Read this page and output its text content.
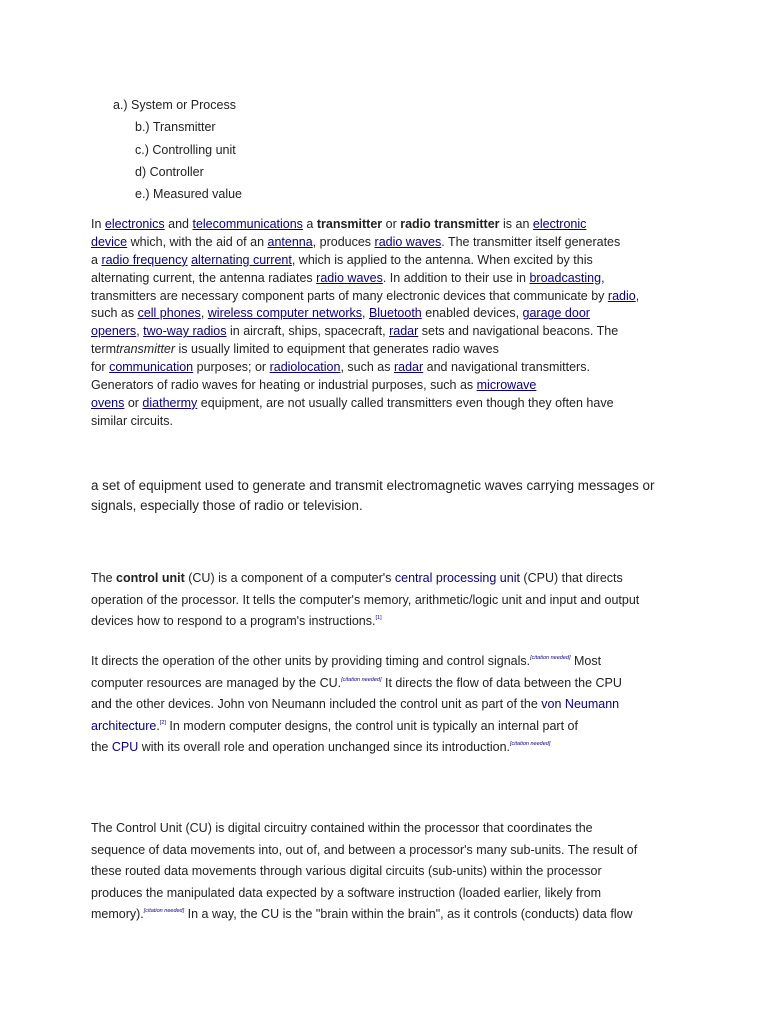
a.) System or Process
b.) Transmitter
c.) Controlling unit
d) Controller
e.) Measured value
In electronics and telecommunications a transmitter or radio transmitter is an electronic
device which, with the aid of an antenna, produces radio waves. The transmitter itself generates
a radio frequency alternating current, which is applied to the antenna. When excited by this
alternating current, the antenna radiates radio waves. In addition to their use in broadcasting,
transmitters are necessary component parts of many electronic devices that communicate by radio,
such as cell phones, wireless computer networks, Bluetooth enabled devices, garage door
openers, two-way radios in aircraft, ships, spacecraft, radar sets and navigational beacons. The
termtransmitter is usually limited to equipment that generates radio waves
for communication purposes; or radiolocation, such as radar and navigational transmitters.
Generators of radio waves for heating or industrial purposes, such as microwave
ovens or diathermy equipment, are not usually called transmitters even though they often have
similar circuits.
a set of equipment used to generate and transmit electromagnetic waves carrying messages or
signals, especially those of radio or television.
The control unit (CU) is a component of a computer's central processing unit (CPU) that directs
operation of the processor. It tells the computer's memory, arithmetic/logic unit and input and output
devices how to respond to a program's instructions.[1]
It directs the operation of the other units by providing timing and control signals.[citation needed] Most
computer resources are managed by the CU.[citation needed] It directs the flow of data between the CPU
and the other devices. John von Neumann included the control unit as part of the von Neumann
architecture.[2] In modern computer designs, the control unit is typically an internal part of
the CPU with its overall role and operation unchanged since its introduction.[citation needed]
The Control Unit (CU) is digital circuitry contained within the processor that coordinates the
sequence of data movements into, out of, and between a processor's many sub-units. The result of
these routed data movements through various digital circuits (sub-units) within the processor
produces the manipulated data expected by a software instruction (loaded earlier, likely from
memory).[citation needed] In a way, the CU is the "brain within the brain", as it controls (conducts) data flow
